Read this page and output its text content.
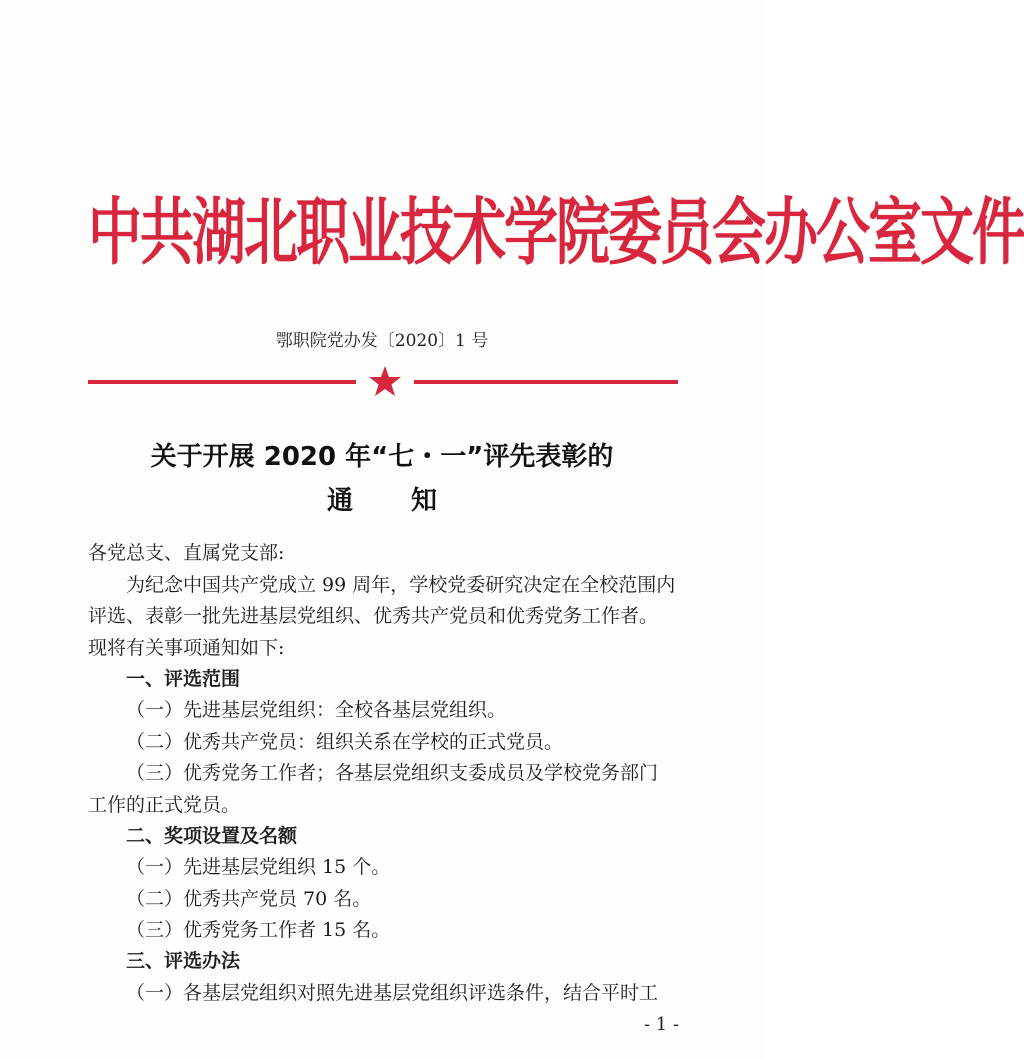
中共湖北职业技术学院委员会办公室文件
鄂职院党办发〔2020〕1 号
关于开展 2020 年“七・一”评先表彰的
通知
各党总支、直属党支部:
为纪念中国共产党成立 99 周年，学校党委研究决定在全校范围内
评选、表彰一批先进基层党组织、优秀共产党员和优秀党务工作者。
现将有关事项通知如下:
一、评选范围
（一）先进基层党组织：全校各基层党组织。
（二）优秀共产党员：组织关系在学校的正式党员。
（三）优秀党务工作者；各基层党组织支委成员及学校党务部门
工作的正式党员。
二、奖项设置及名额
（一）先进基层党组织 15 个。
（二）优秀共产党员 70 名。
（三）优秀党务工作者 15 名。
三、评选办法
（一）各基层党组织对照先进基层党组织评选条件，结合平时工
- 1 -
